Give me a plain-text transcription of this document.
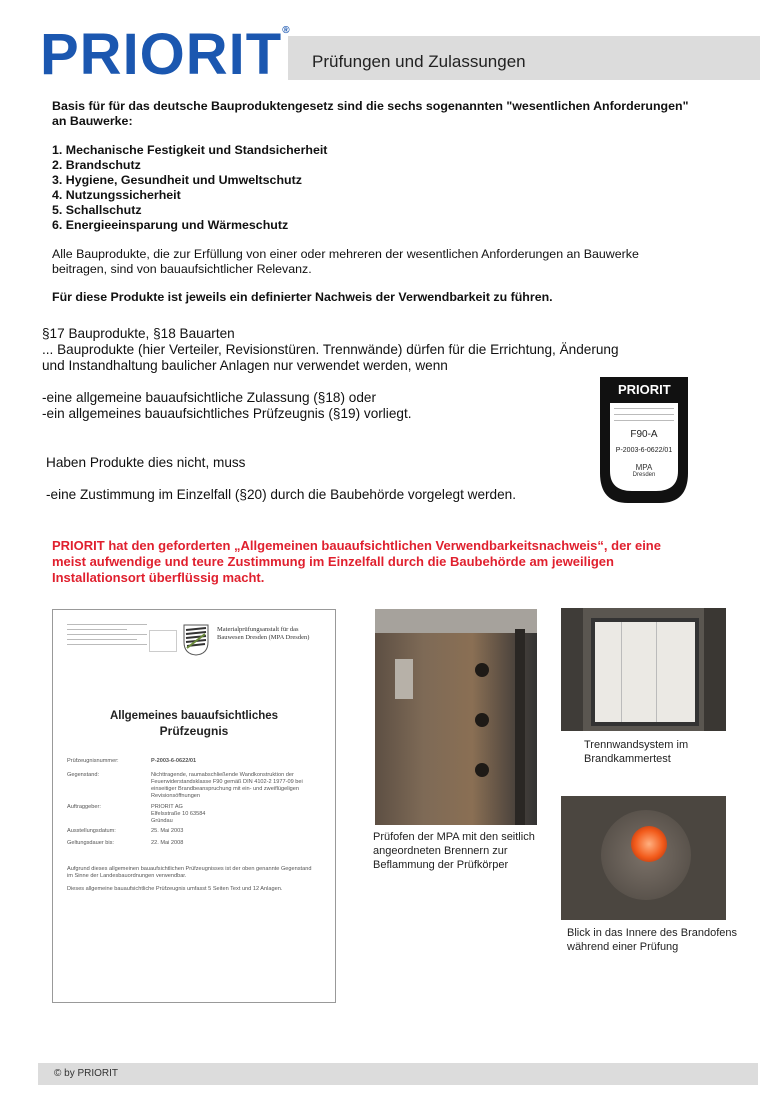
PRIORIT®
Prüfungen und Zulassungen
Basis für für das deutsche Bauproduktengesetz sind die sechs sogenannten "wesentlichen Anforderungen"
an Bauwerke:
1. Mechanische Festigkeit und Standsicherheit
2. Brandschutz
3. Hygiene, Gesundheit und Umweltschutz
4. Nutzungssicherheit
5. Schallschutz
6. Energieeinsparung und Wärmeschutz
Alle Bauprodukte, die zur Erfüllung von einer oder mehreren der wesentlichen Anforderungen an Bauwerke
beitragen, sind von bauaufsichtlicher Relevanz.
Für diese Produkte ist jeweils ein definierter Nachweis der Verwendbarkeit zu führen.
§17 Bauprodukte, §18 Bauarten
... Bauprodukte (hier Verteiler, Revisionstüren. Trennwände) dürfen für die Errichtung, Änderung
und Instandhaltung baulicher Anlagen nur verwendet werden, wenn
-eine allgemeine bauaufsichtliche Zulassung (§18) oder
-ein allgemeines bauaufsichtliches Prüfzeugnis (§19) vorliegt.
Haben Produkte dies nicht, muss
-eine Zustimmung im Einzelfall (§20) durch die Baubehörde vorgelegt werden.
PRIORIT
F90-A
P-2003-6-0622/01
MPA
Dresden
PRIORIT hat den geforderten „Allgemeinen bauaufsichtlichen Verwendbarkeitsnachweis“, der eine
meist aufwendige und teure Zustimmung im Einzelfall durch die Baubehörde am jeweiligen
Installationsort überflüssig macht.
Materialprüfungsanstalt für das Bauwesen Dresden (MPA Dresden)
Allgemeines bauaufsichtliches
Prüfzeugnis
Prüfzeugnisnummer:	P-2003-6-0622/01
Gegenstand:	Nichttragende, raumabschließende Wandkonstruktion der Feuerwiderstandsklasse F90 gemäß DIN 4102-2 1977-09 bei einseitiger Brandbeanspruchung mit ein- und zweiflügeligen Revisionsöffnungen
Auftraggeber:	PRIORIT AG Elfelsstraße 10 63584 Gründau
Ausstellungsdatum:	25. Mai 2003
Geltungsdauer bis:	22. Mai 2008
Aufgrund dieses allgemeinen bauaufsichtlichen Prüfzeugnisses ist der oben genannte Gegenstand im Sinne der Landesbauordnungen verwendbar.
Dieses allgemeine bauaufsichtliche Prüfzeugnis umfasst 5 Seiten Text und 12 Anlagen.
Prüfofen der MPA mit den seitlich angeordneten Brennern zur Beflammung der Prüfkörper
Trennwandsystem im Brandkammertest
Blick in das Innere des Brandofens während einer Prüfung
© by PRIORIT
